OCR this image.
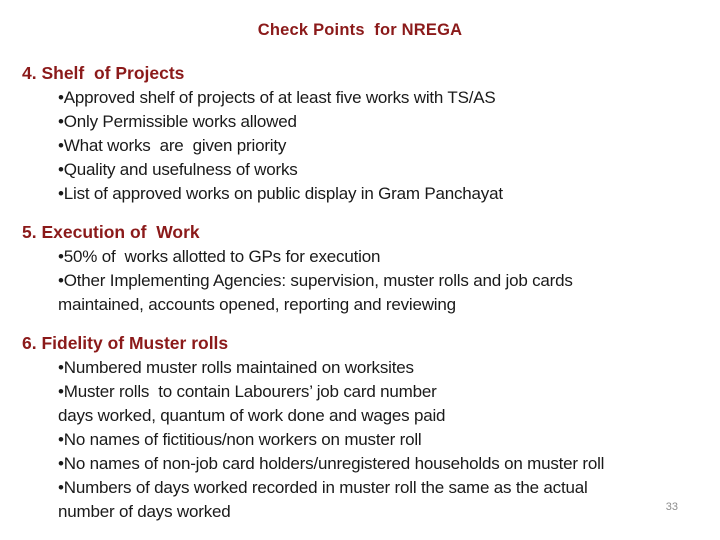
Check Points  for NREGA
4. Shelf  of Projects
•Approved shelf of projects of at least five works with TS/AS
•Only Permissible works allowed
•What works  are  given priority
•Quality and usefulness of works
•List of approved works on public display in Gram Panchayat
5. Execution of  Work
•50% of  works allotted to GPs for execution
•Other Implementing Agencies: supervision, muster rolls and job cards
maintained, accounts opened, reporting and reviewing
6. Fidelity of Muster rolls
•Numbered muster rolls maintained on worksites
•Muster rolls  to contain Labourers’ job card number
days worked, quantum of work done and wages paid
•No names of fictitious/non workers on muster roll
•No names of non-job card holders/unregistered households on muster roll
•Numbers of days worked recorded in muster roll the same as the actual
number of days worked	33
